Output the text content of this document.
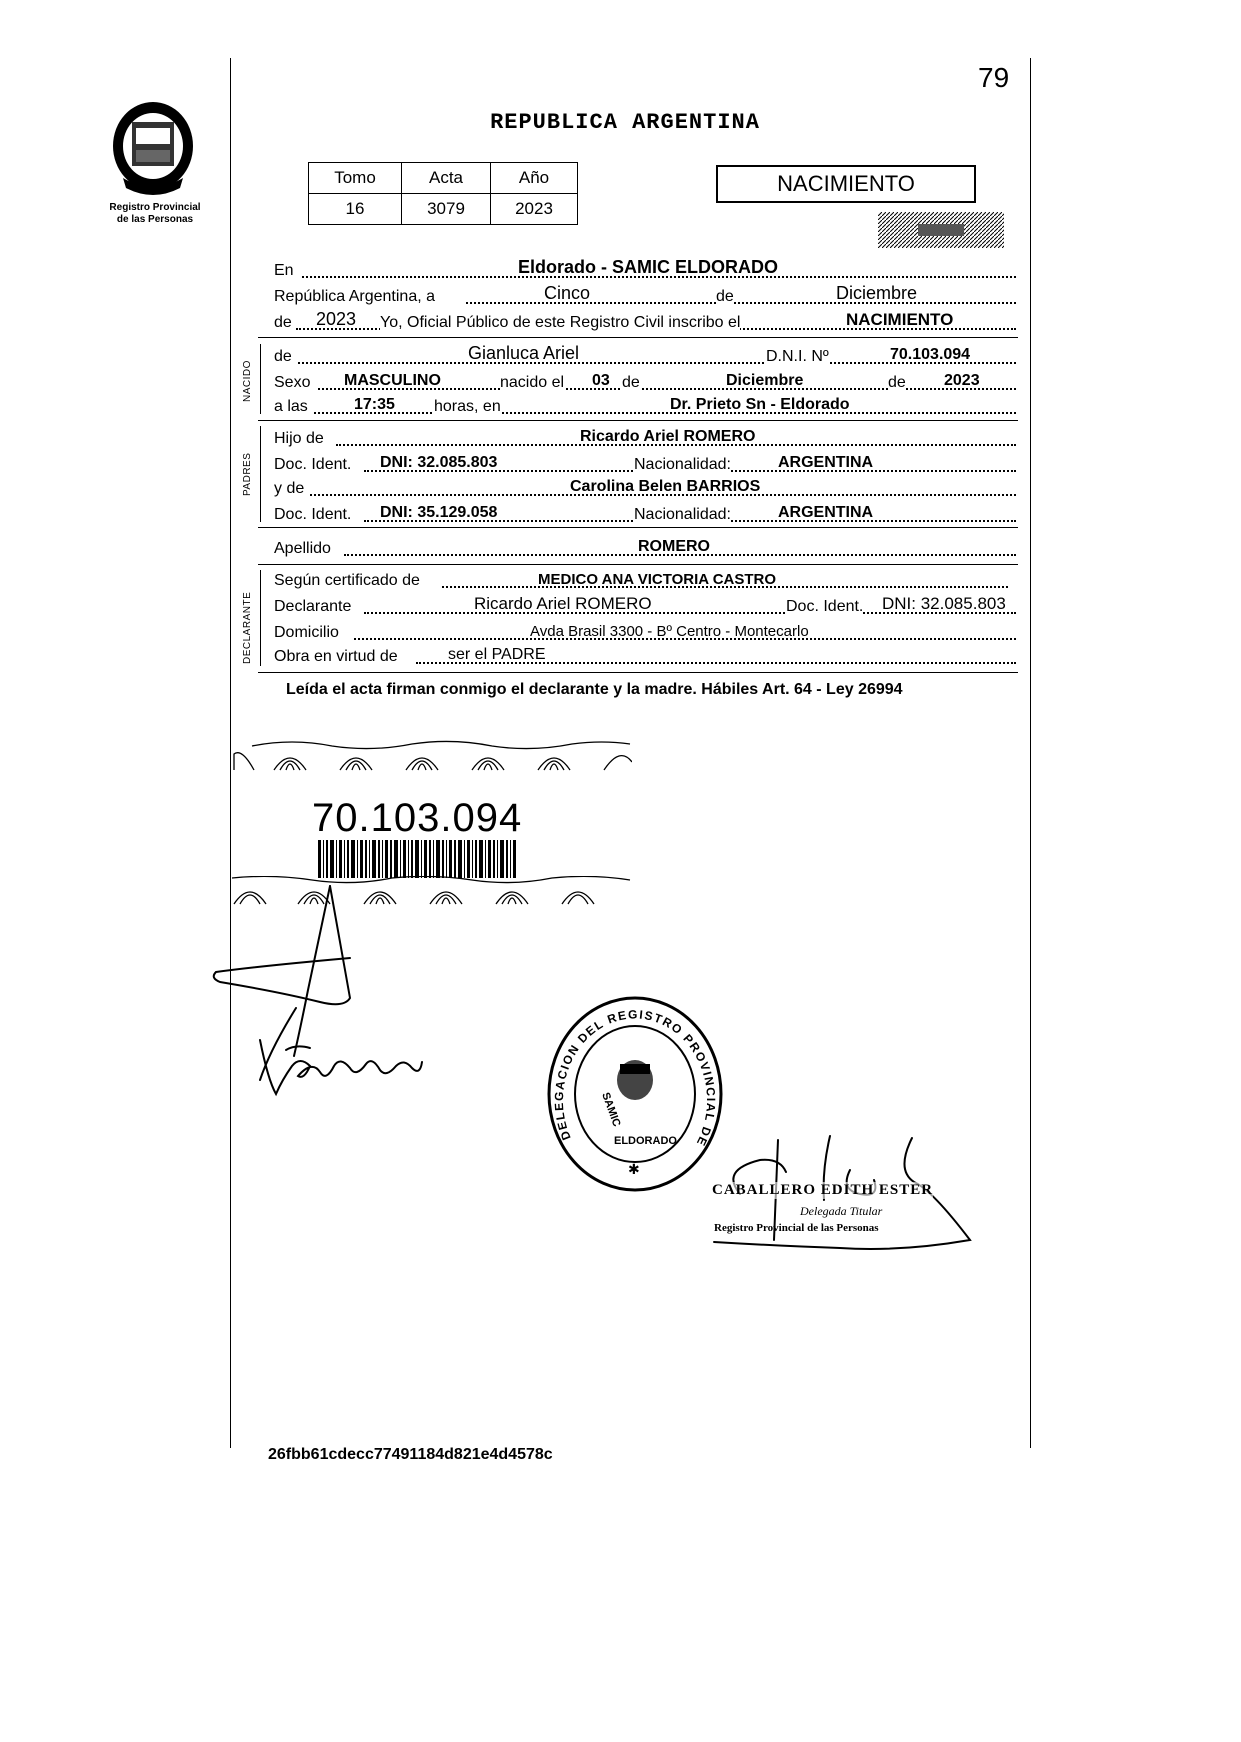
79
Registro Provincial
de las Personas
REPUBLICA ARGENTINA
Tomo	Acta	Año
16	3079	2023
NACIMIENTO
En	Eldorado - SAMIC ELDORADO
República Argentina, a	Cinco	de	Diciembre
de 2023 Yo, Oficial Público de este Registro Civil inscribo el	NACIMIENTO
NACIDO
de	Gianluca Ariel	D.N.I. Nº	70.103.094
Sexo MASCULINO	nacido el 03 de	Diciembre	de 2023
a las	17:35 horas, en	Dr. Prieto Sn - Eldorado
PADRES
Hijo de	Ricardo Ariel ROMERO
Doc. Ident. DNI: 32.085.803	Nacionalidad:	ARGENTINA
y de	Carolina Belen BARRIOS
Doc. Ident. DNI: 35.129.058	Nacionalidad:	ARGENTINA
Apellido	ROMERO
DECLARANTE
Según certificado de	MEDICO ANA VICTORIA CASTRO
Declarante	Ricardo Ariel ROMERO	Doc. Ident. DNI: 32.085.803
Domicilio	Avda Brasil 3300 - Bº Centro - Montecarlo
Obra en virtud de	ser el PADRE
Leída el acta firman conmigo el declarante y la madre. Hábiles Art. 64 - Ley 26994
70.103.094
DELEGACION DEL REGISTRO PROVINCIAL DE
SAMIC
ELDORADO
✱
CABALLERO EDITH ESTER
Delegada Titular
Registro Provincial de las Personas
26fbb61cdecc77491184d821e4d4578c
